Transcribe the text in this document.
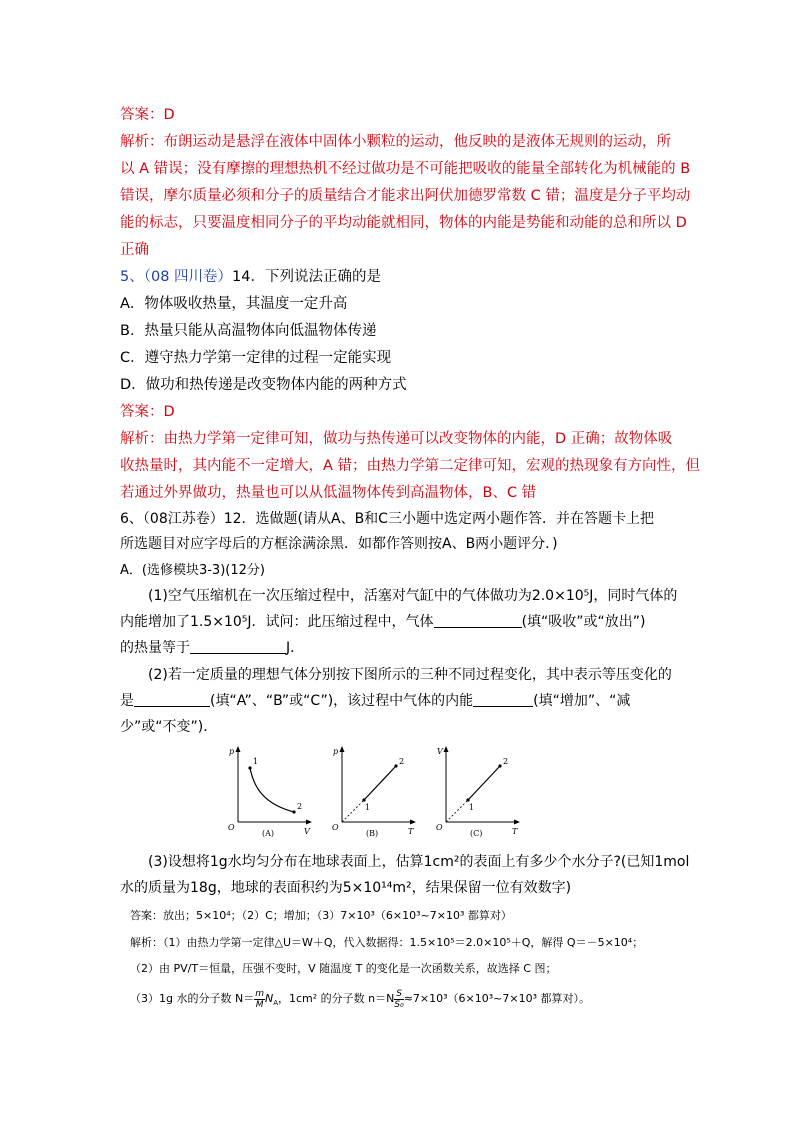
答案：D
解析：布朗运动是悬浮在液体中固体小颗粒的运动，他反映的是液体无规则的运动，所
以 A 错误；没有摩擦的理想热机不经过做功是不可能把吸收的能量全部转化为机械能的 B
错误，摩尔质量必须和分子的质量结合才能求出阿伏加德罗常数 C 错；温度是分子平均动
能的标志，只要温度相同分子的平均动能就相同，物体的内能是势能和动能的总和所以 D
正确
5、（08 四川卷）14．下列说法正确的是
A．物体吸收热量，其温度一定升高
B．热量只能从高温物体向低温物体传递
C．遵守热力学第一定律的过程一定能实现
D．做功和热传递是改变物体内能的两种方式
答案：D
解析：由热力学第一定律可知，做功与热传递可以改变物体的内能，D 正确；故物体吸
收热量时，其内能不一定增大，A 错；由热力学第二定律可知，宏观的热现象有方向性，但
若通过外界做功，热量也可以从低温物体传到高温物体，B、C 错
6、（08江苏卷）12．选做题(请从A、B和C三小题中选定两小题作答．并在答题卡上把
所选题目对应字母后的方框涂满涂黑．如都作答则按A、B两小题评分．)
A．(选修模块3-3)(12分)
(1)空气压缩机在一次压缩过程中，活塞对气缸中的气体做功为2.0×10⁵J，同时气体的
内能增加了1.5×10⁵J．试问：此压缩过程中，气体	(填“吸收”或“放出”)
的热量等于	J．
(2)若一定质量的理想气体分别按下图所示的三种不同过程变化，其中表示等压变化的
是	(填“A”、“B”或“C”)，该过程中气体的内能	(填“增加”、“减
少”或“不变”)．
p
V
O
1
2
(A)
p
T
O
1
2
(B)
V
T
O
1
2
(C)
(3)设想将1g水均匀分布在地球表面上，估算1cm²的表面上有多少个水分子?(已知1mol
水的质量为18g，地球的表面积约为5×10¹⁴m²，结果保留一位有效数字)
答案：放出；5×10⁴；（2）C；增加；（3）7×10³（6×10³~7×10³ 都算对）
解析：（1）由热力学第一定律△U＝W＋Q，代入数据得：1.5×10⁵＝2.0×10⁵＋Q，解得 Q＝－5×10⁴；
（2）由 PV/T＝恒量，压强不变时，V 随温度 T 的变化是一次函数关系，故选择 C 图；
（3）1g 水的分子数 $N= \frac{m}{M} N_A$，1cm² 的分子数 $n=N \frac{S}{\text{S₀}}$ ≈7×10³（6×10³~7×10³ 都算对）。
